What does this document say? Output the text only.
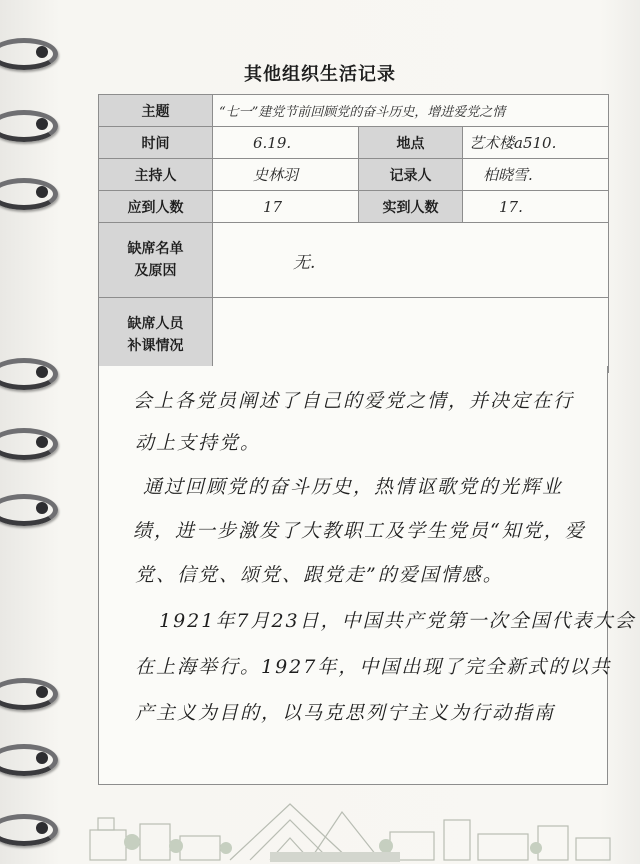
其他组织生活记录
主题	“七一”建党节前回顾党的奋斗历史，增进爱党之情		
时间	6.19.	地点	艺术楼a510.
主持人	史林羽	记录人	柏晓雪.
应到人数	17	实到人数	17.

缺席名单
及原因	无.		

缺席人员
补课情况			

会上各党员阐述了自己的爱党之情，并决定在行
动上支持党。
通过回顾党的奋斗历史，热情讴歌党的光辉业
绩，进一步激发了大教职工及学生党员“知党，爱
党、信党、颂党、跟党走”的爱国情感。
1921年7月23日，中国共产党第一次全国代表大会
在上海举行。1927年，中国出现了完全新式的以共
产主义为目的，以马克思列宁主义为行动指南
